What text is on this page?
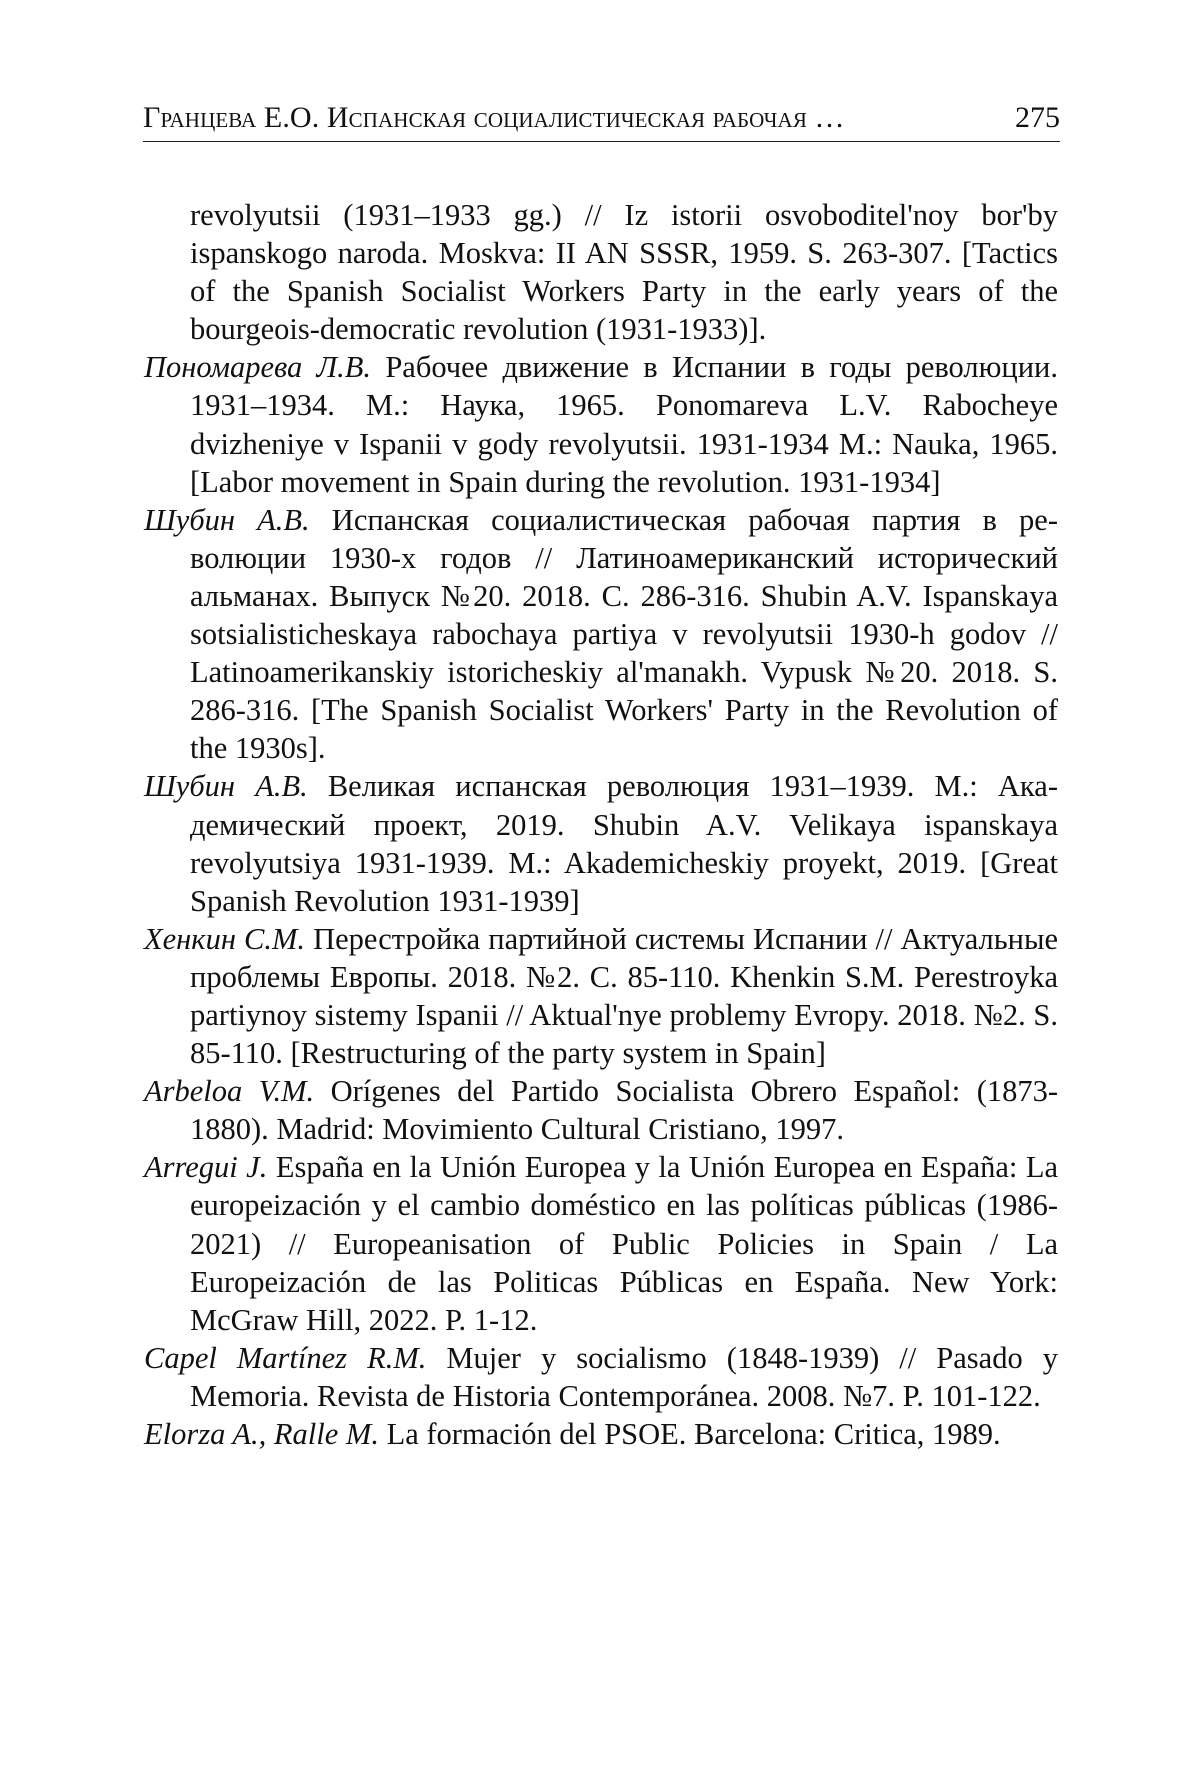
Гранцева Е.О. Испанская социалистическая рабочая …	275

revolyutsii (1931–1933 gg.) // Iz istorii osvoboditel'noy bor'by ispanskogo naroda. Moskva: II AN SSSR, 1959. S. 263-307. [Tactics of the Spanish Socialist Workers Party in the early years of the bourgeois-democratic revolution (1931-1933)].

Пономарева Л.В. Рабочее движение в Испании в годы революции. 1931–1934. М.: Наука, 1965. Ponomareva L.V. Rabocheye dvizheniye v Ispanii v gody revolyutsii. 1931-1934 M.: Nauka, 1965. [Labor movement in Spain during the revolution. 1931-1934]

Шубин А.В. Испанская социалистическая рабочая партия в революции 1930-х годов // Латиноамериканский исторический альманах. Выпуск №20. 2018. С. 286-316. Shubin A.V. Ispanskaya sotsialisticheskaya rabochaya partiya v revolyutsii 1930-h godov // Latinoamerikanskiy istoricheskiy al'manakh. Vypusk №20. 2018. S. 286-316. [The Spanish Socialist Workers' Party in the Revolution of the 1930s].

Шубин А.В. Великая испанская революция 1931–1939. М.: Академический проект, 2019. Shubin A.V. Velikaya ispanskaya revolyutsiya 1931-1939. M.: Akademicheskiy proyekt, 2019. [Great Spanish Revolution 1931-1939]

Хенкин С.М. Перестройка партийной системы Испании // Актуальные проблемы Европы. 2018. №2. С. 85-110. Khenkin S.M. Perestroyka partiynoy sistemy Ispanii // Aktual'nye problemy Evropy. 2018. №2. S. 85-110. [Restructuring of the party system in Spain]

Arbeloa V.M. Orígenes del Partido Socialista Obrero Español: (1873-1880). Madrid: Movimiento Cultural Cristiano, 1997.

Arregui J. España en la Unión Europea y la Unión Europea en España: La europeización y el cambio doméstico en las políticas públicas (1986-2021) // Europeanisation of Public Policies in Spain / La Europeización de las Politicas Públicas en España. New York: McGraw Hill, 2022. P. 1-12.

Capel Martínez R.M. Mujer y socialismo (1848-1939) // Pasado y Memoria. Revista de Historia Contemporánea. 2008. №7. P. 101-122.

Elorza A., Ralle M. La formación del PSOE. Barcelona: Critica, 1989.
